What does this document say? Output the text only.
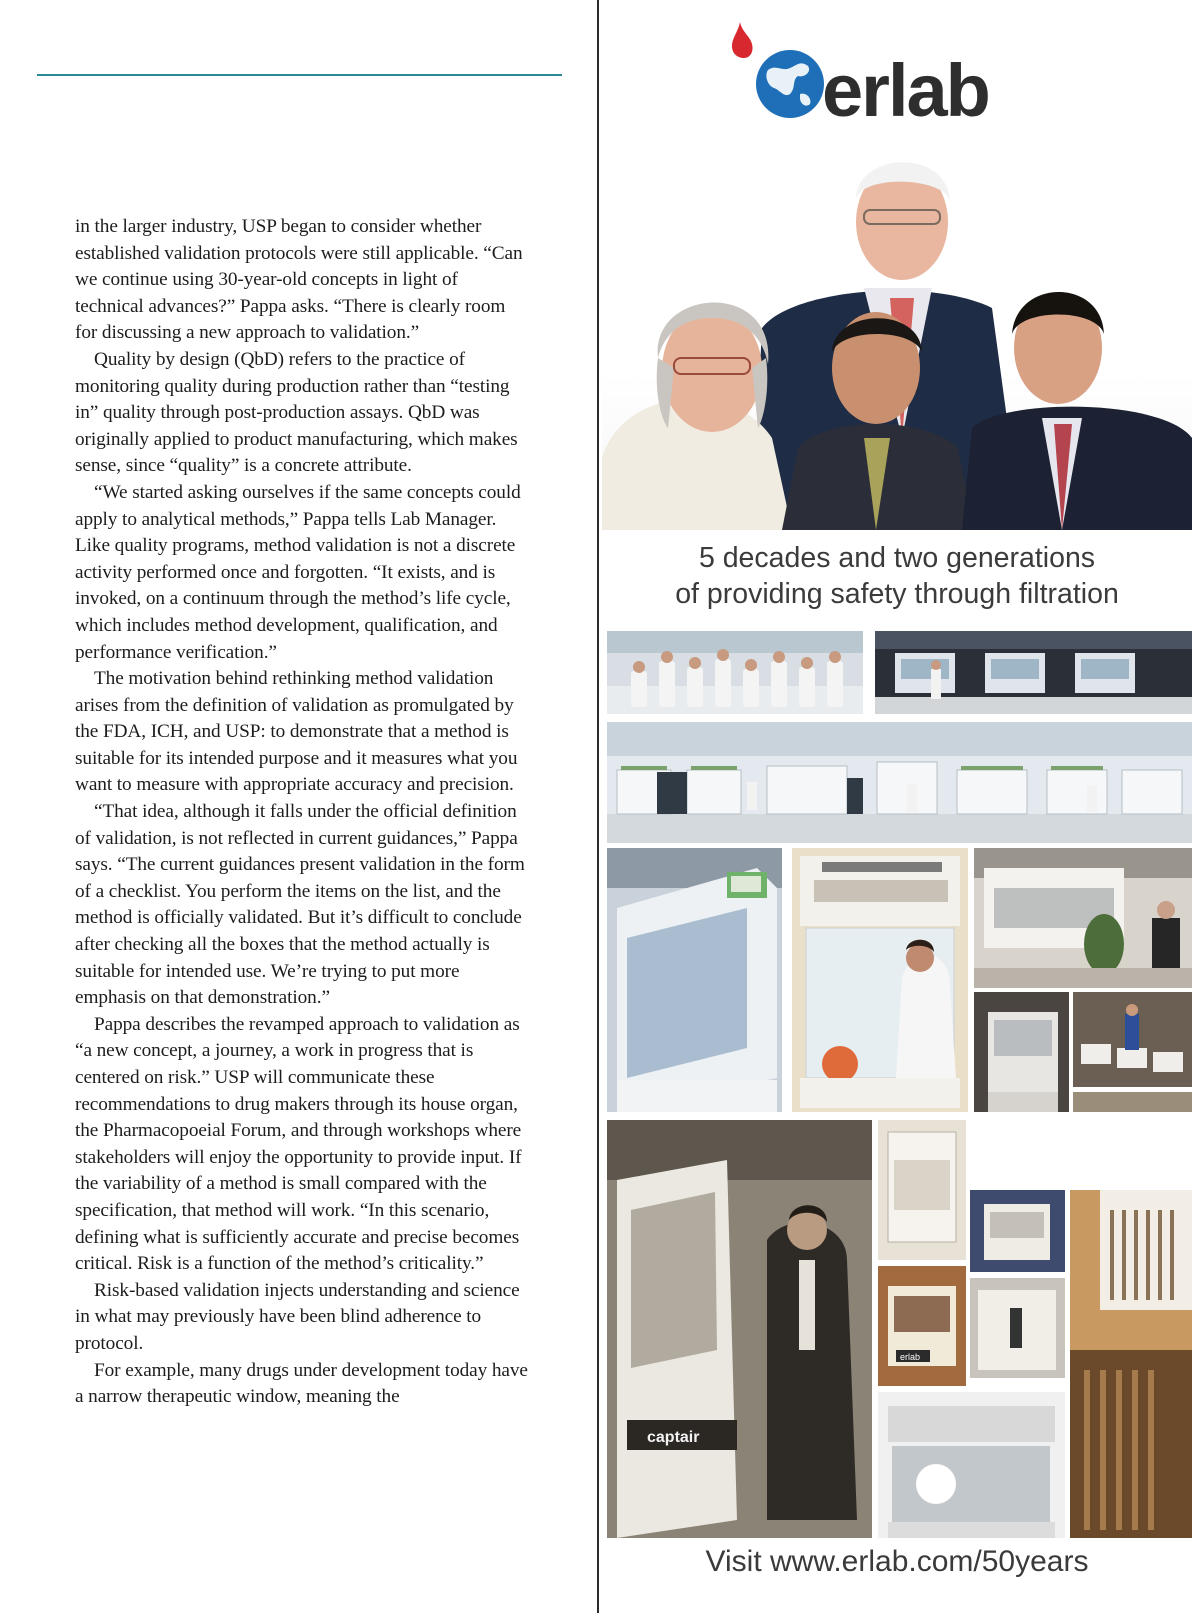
in the larger industry, USP began to consider whether established validation protocols were still applicable. “Can we continue using 30-year-old concepts in light of technical advances?” Pappa asks. “There is clearly room for discussing a new approach to validation.”

Quality by design (QbD) refers to the practice of monitoring quality during production rather than “testing in” quality through post-production assays. QbD was originally applied to product manufacturing, which makes sense, since “quality” is a concrete attribute.

“We started asking ourselves if the same concepts could apply to analytical methods,” Pappa tells Lab Manager. Like quality programs, method validation is not a discrete activity performed once and forgotten. “It exists, and is invoked, on a continuum through the method’s life cycle, which includes method development, qualification, and performance verification.”

The motivation behind rethinking method validation arises from the definition of validation as promulgated by the FDA, ICH, and USP: to demonstrate that a method is suitable for its intended purpose and it measures what you want to measure with appropriate accuracy and precision.

“That idea, although it falls under the official definition of validation, is not reflected in current guidances,” Pappa says. “The current guidances present validation in the form of a checklist. You perform the items on the list, and the method is officially validated. But it’s difficult to conclude after checking all the boxes that the method actually is suitable for intended use. We’re trying to put more emphasis on that demonstration.”

Pappa describes the revamped approach to validation as “a new concept, a journey, a work in progress that is centered on risk.” USP will communicate these recommendations to drug makers through its house organ, the Pharmacopoeial Forum, and through workshops where stakeholders will enjoy the opportunity to provide input. If the variability of a method is small compared with the specification, that method will work. “In this scenario, defining what is sufficiently accurate and precise becomes critical. Risk is a function of the method’s criticality.”

Risk-based validation injects understanding and science in what may previously have been blind adherence to protocol.

For example, many drugs under development today have a narrow therapeutic window, meaning the

erlab
5 decades and two generations
of providing safety through filtration
captair
erlab
Visit www.erlab.com/50years
